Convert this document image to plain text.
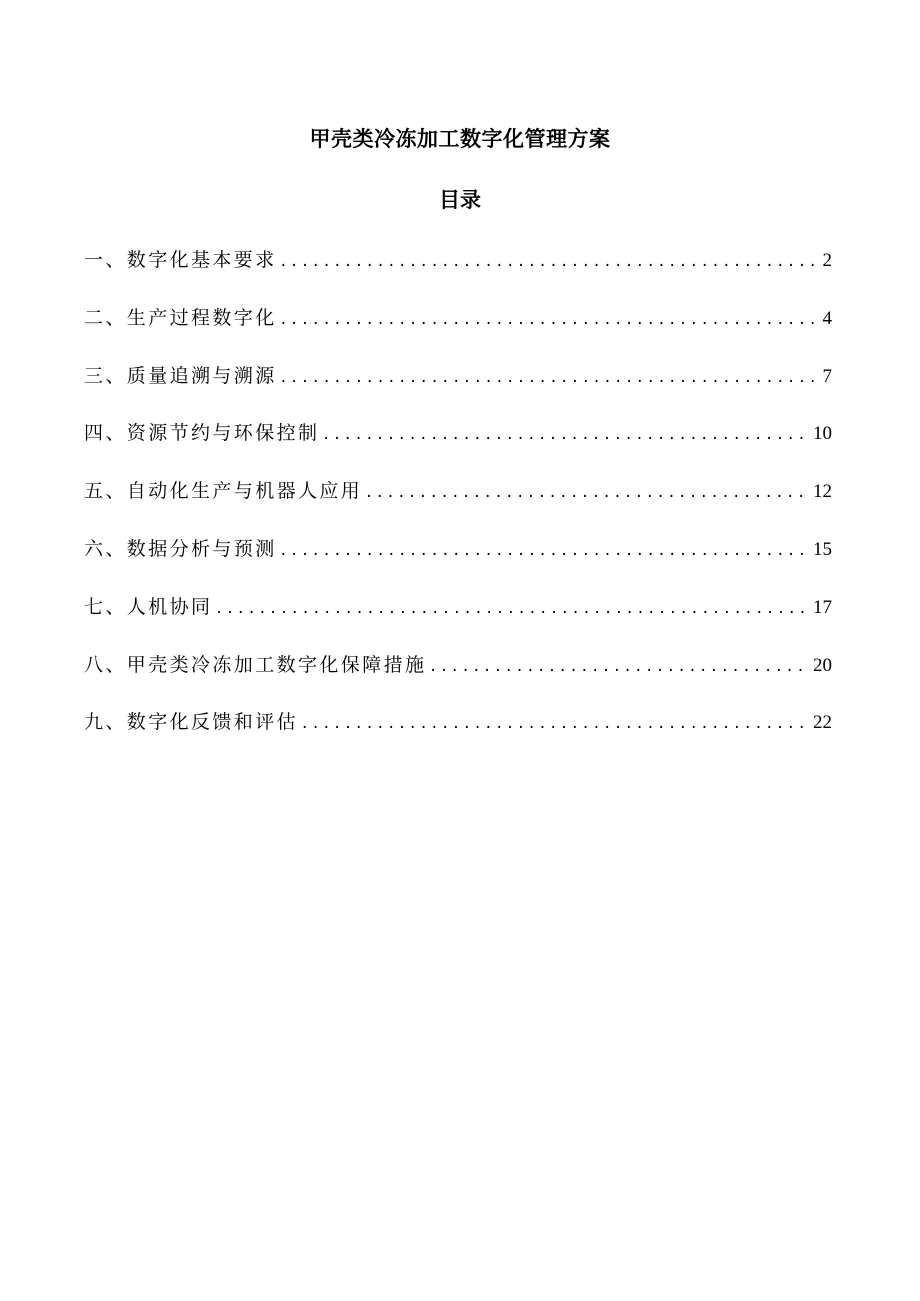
甲壳类冷冻加工数字化管理方案
目录
一、数字化基本要求 .....	2
二、生产过程数字化 .....	4
三、质量追溯与溯源 .....	7
四、资源节约与环保控制 .....	10
五、自动化生产与机器人应用 .....	12
六、数据分析与预测 .....	15
七、人机协同 .....	17
八、甲壳类冷冻加工数字化保障措施 .....	20
九、数字化反馈和评估 .....	22
